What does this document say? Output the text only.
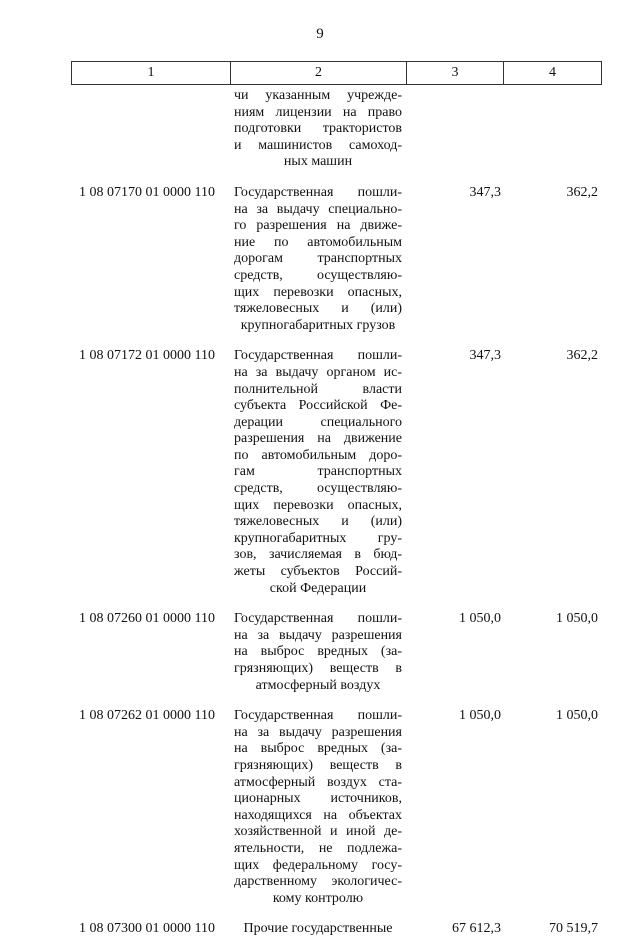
9
1	2	3	4
чи указанным учрежде-
ниям лицензии на право
подготовки трактористов
и машинистов самоход-
ных машин
1 08 07170 01 0000 110	Государственная пошли-
на за выдачу специально-
го разрешения на движе-
ние по автомобильным
дорогам транспортных
средств, осуществляю-
щих перевозки опасных,
тяжеловесных и (или)
крупногабаритных грузов
347,3	362,2
1 08 07172 01 0000 110	Государственная пошли-
на за выдачу органом ис-
полнительной власти
субъекта Российской Фе-
дерации специального
разрешения на движение
по автомобильным доро-
гам транспортных
средств, осуществляю-
щих перевозки опасных,
тяжеловесных и (или)
крупногабаритных гру-
зов, зачисляемая в бюд-
жеты субъектов Россий-
ской Федерации
347,3	362,2
1 08 07260 01 0000 110	Государственная пошли-
на за выдачу разрешения
на выброс вредных (за-
грязняющих) веществ в
атмосферный воздух
1 050,0	1 050,0
1 08 07262 01 0000 110	Государственная пошли-
на за выдачу разрешения
на выброс вредных (за-
грязняющих) веществ в
атмосферный воздух ста-
ционарных источников,
находящихся на объектах
хозяйственной и иной де-
ятельности, не подлежа-
щих федеральному госу-
дарственному экологичес-
кому контролю
1 050,0	1 050,0
1 08 07300 01 0000 110	Прочие государственные	67 612,3	70 519,7
